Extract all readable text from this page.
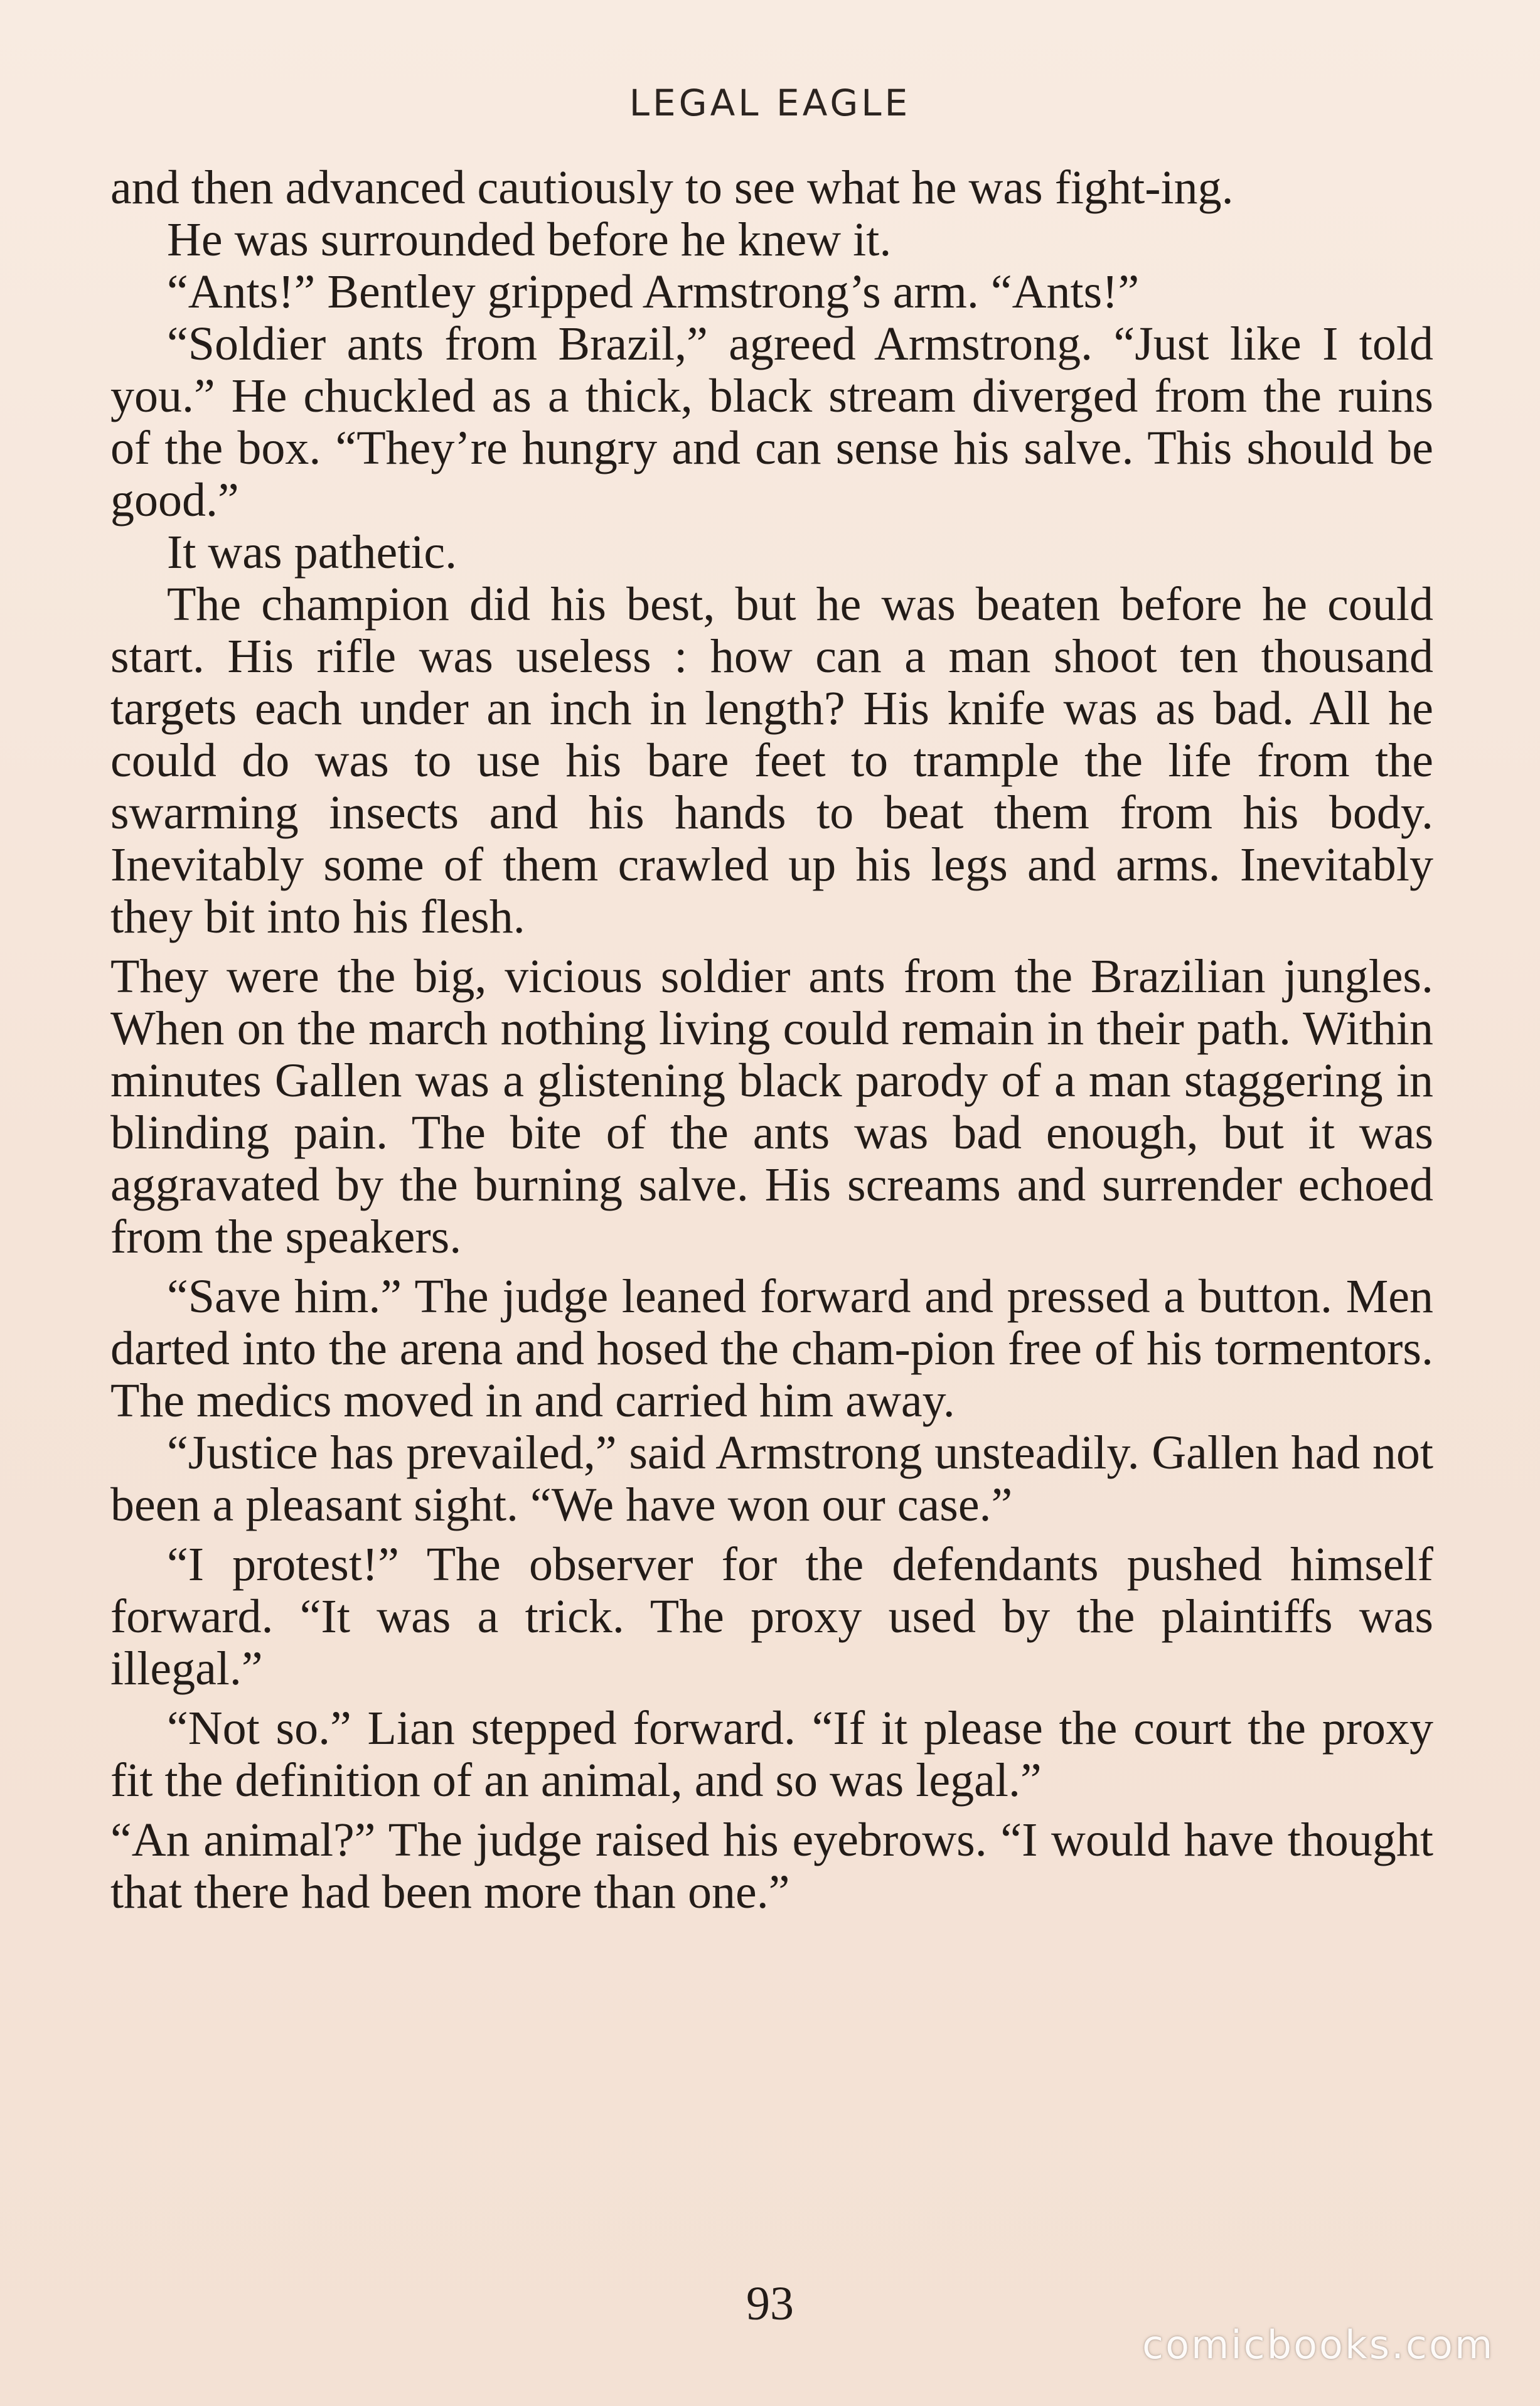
LEGAL EAGLE

and then advanced cautiously to see what he was fight-ing.

He was surrounded before he knew it.

“Ants!” Bentley gripped Armstrong’s arm. “Ants!”

“Soldier ants from Brazil,” agreed Armstrong. “Just like I told you.” He chuckled as a thick, black stream diverged from the ruins of the box. “They’re hungry and can sense his salve. This should be good.”

It was pathetic.

The champion did his best, but he was beaten before he could start. His rifle was useless : how can a man shoot ten thousand targets each under an inch in length? His knife was as bad. All he could do was to use his bare feet to trample the life from the swarming insects and his hands to beat them from his body. Inevitably some of them crawled up his legs and arms. Inevitably they bit into his flesh.

They were the big, vicious soldier ants from the Brazilian jungles. When on the march nothing living could remain in their path. Within minutes Gallen was a glistening black parody of a man staggering in blinding pain. The bite of the ants was bad enough, but it was aggravated by the burning salve. His screams and surrender echoed from the speakers.

“Save him.” The judge leaned forward and pressed a button. Men darted into the arena and hosed the cham-pion free of his tormentors. The medics moved in and carried him away.

“Justice has prevailed,” said Armstrong unsteadily. Gallen had not been a pleasant sight. “We have won our case.”

“I protest!” The observer for the defendants pushed himself forward. “It was a trick. The proxy used by the plaintiffs was illegal.”

“Not so.” Lian stepped forward. “If it please the court the proxy fit the definition of an animal, and so was legal.”

“An animal?” The judge raised his eyebrows. “I would have thought that there had been more than one.”

93
comicbooks.com
